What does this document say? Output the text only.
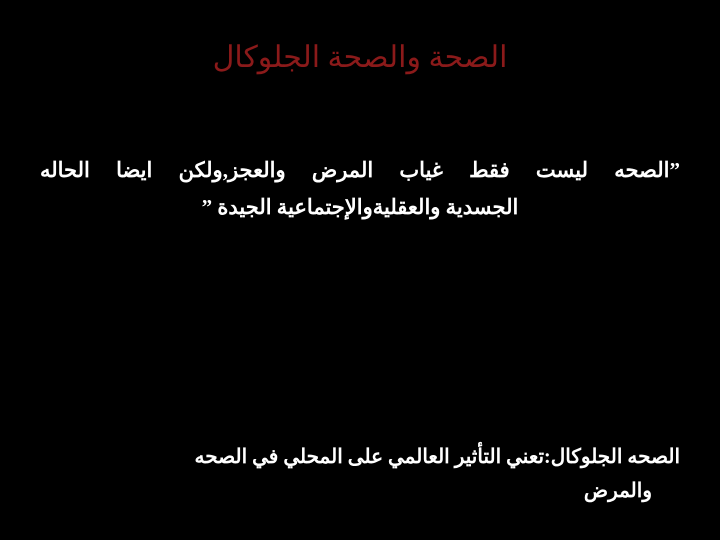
الصحة والصحة الجلوكال
”الصحه ليست فقط غياب المرض والعجز,ولكن ايضا الحاله
الجسدية والعقليةوالإجتماعية الجيدة ”
الصحه الجلوكال:تعني التأثير العالمي على المحلي في الصحه
والمرض
